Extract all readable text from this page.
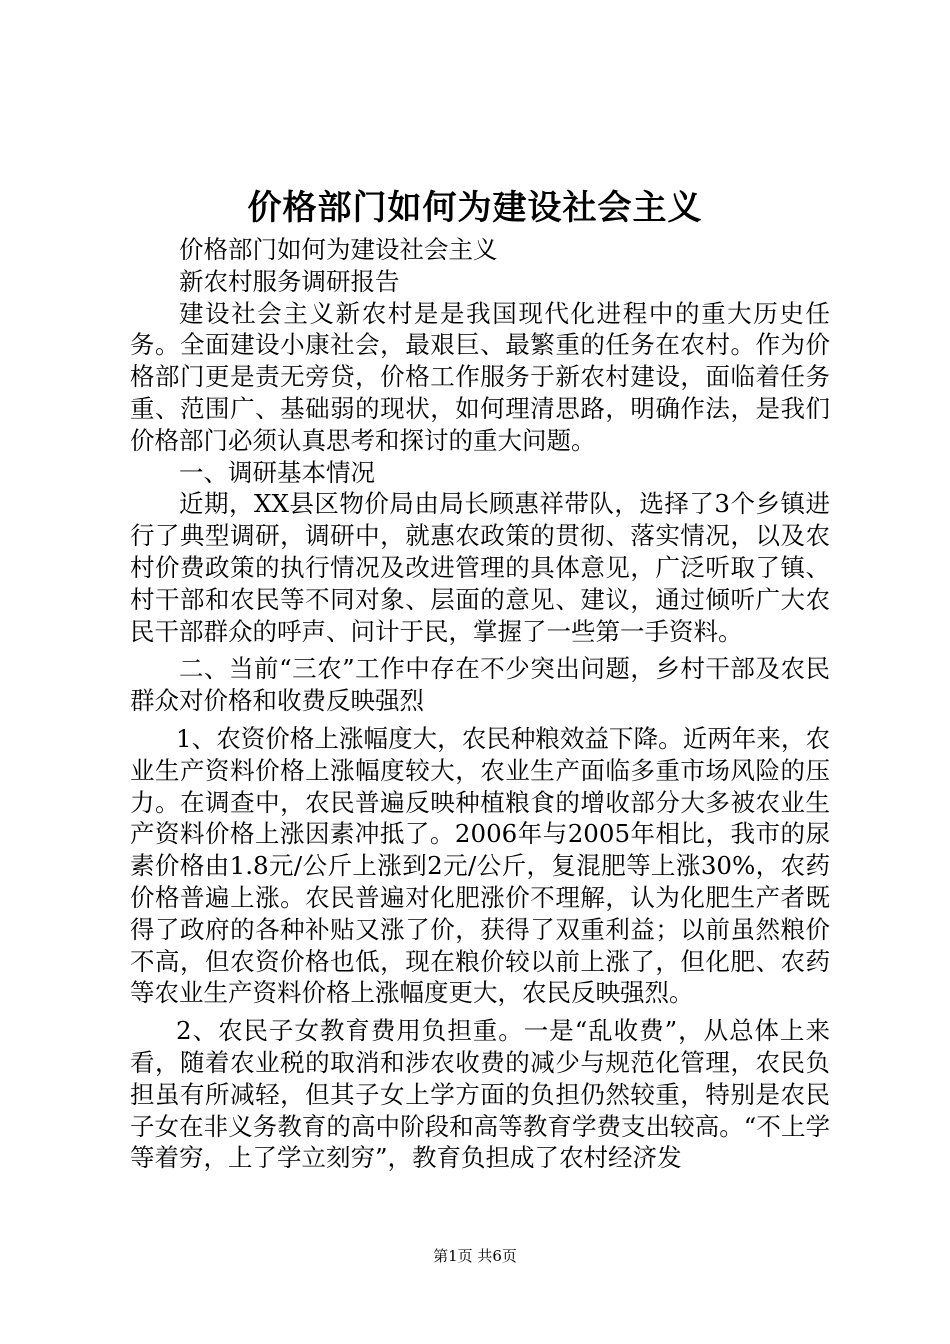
价格部门如何为建设社会主义

价格部门如何为建设社会主义

新农村服务调研报告

建设社会主义新农村是是我国现代化进程中的重大历史任务。全面建设小康社会，最艰巨、最繁重的任务在农村。作为价格部门更是责无旁贷，价格工作服务于新农村建设，面临着任务重、范围广、基础弱的现状，如何理清思路，明确作法，是我们价格部门必须认真思考和探讨的重大问题。

一、调研基本情况

近期，XX县区物价局由局长顾惠祥带队，选择了3个乡镇进行了典型调研，调研中，就惠农政策的贯彻、落实情况，以及农村价费政策的执行情况及改进管理的具体意见，广泛听取了镇、村干部和农民等不同对象、层面的意见、建议，通过倾听广大农民干部群众的呼声、问计于民，掌握了一些第一手资料。

二、当前“三农”工作中存在不少突出问题，乡村干部及农民群众对价格和收费反映强烈

1、农资价格上涨幅度大，农民种粮效益下降。近两年来，农业生产资料价格上涨幅度较大，农业生产面临多重市场风险的压力。在调查中，农民普遍反映种植粮食的增收部分大多被农业生产资料价格上涨因素冲抵了。2006年与2005年相比，我市的尿素价格由1.8元/公斤上涨到2元/公斤，复混肥等上涨30%，农药价格普遍上涨。农民普遍对化肥涨价不理解，认为化肥生产者既得了政府的各种补贴又涨了价，获得了双重利益；以前虽然粮价不高，但农资价格也低，现在粮价较以前上涨了，但化肥、农药等农业生产资料价格上涨幅度更大，农民反映强烈。

2、农民子女教育费用负担重。一是“乱收费”，从总体上来看，随着农业税的取消和涉农收费的减少与规范化管理，农民负担虽有所减轻，但其子女上学方面的负担仍然较重，特别是农民子女在非义务教育的高中阶段和高等教育学费支出较高。“不上学等着穷，上了学立刻穷”，教育负担成了农村经济发

第1页 共6页
